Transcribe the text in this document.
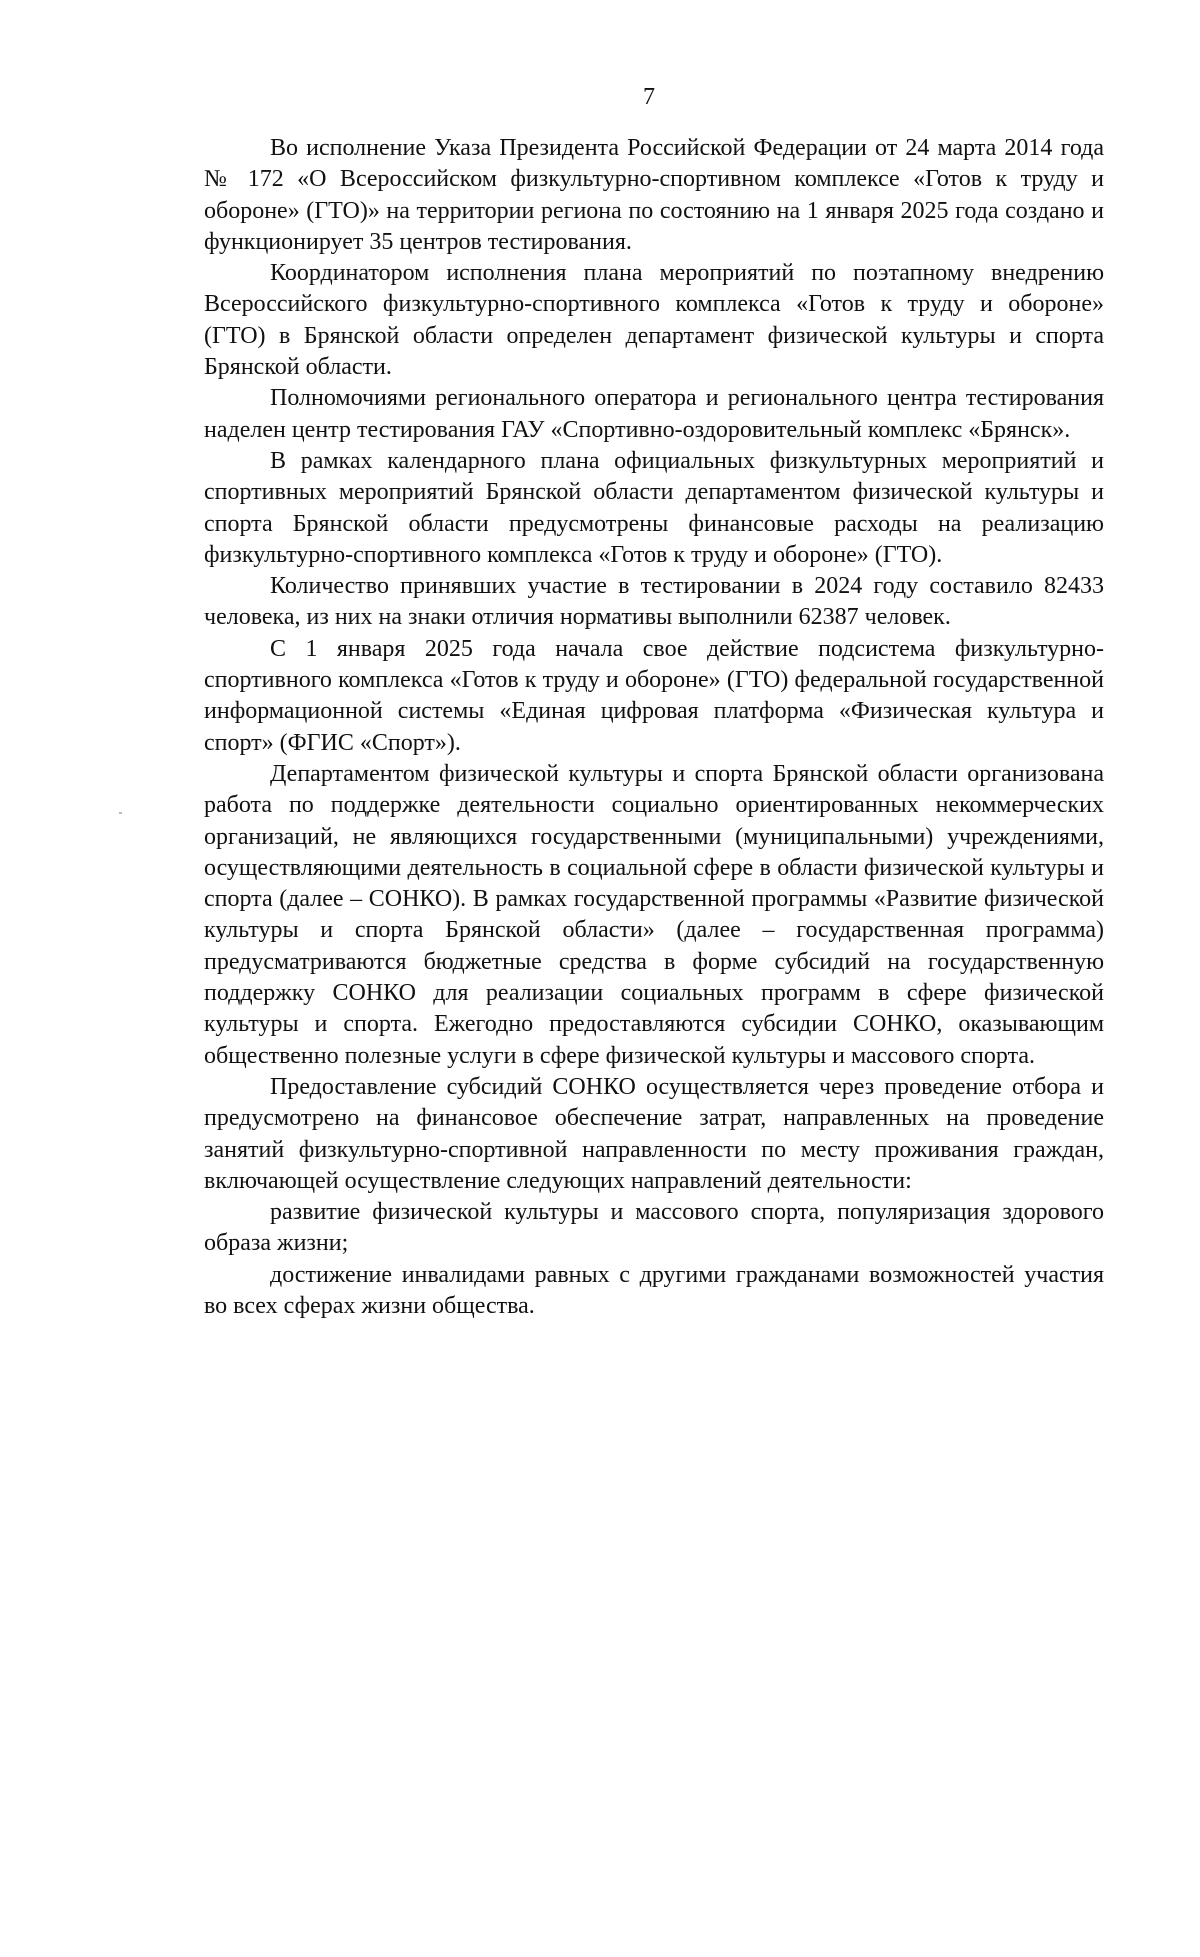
7

Во исполнение Указа Президента Российской Федерации от 24 марта 2014 года № 172 «О Всероссийском физкультурно-спортивном комплексе «Готов к труду и обороне» (ГТО)» на территории региона по состоянию на 1 января 2025 года создано и функционирует 35 центров тестирования.

Координатором исполнения плана мероприятий по поэтапному внедрению Всероссийского физкультурно-спортивного комплекса «Готов к труду и обороне» (ГТО) в Брянской области определен департамент физической культуры и спорта Брянской области.

Полномочиями регионального оператора и регионального центра тестирования наделен центр тестирования ГАУ «Спортивно-оздоровительный комплекс «Брянск».

В рамках календарного плана официальных физкультурных мероприятий и спортивных мероприятий Брянской области департаментом физической культуры и спорта Брянской области предусмотрены финансовые расходы на реализацию физкультурно-спортивного комплекса «Готов к труду и обороне» (ГТО).

Количество принявших участие в тестировании в 2024 году составило 82433 человека, из них на знаки отличия нормативы выполнили 62387 человек.

С 1 января 2025 года начала свое действие подсистема физкультурно-спортивного комплекса «Готов к труду и обороне» (ГТО) федеральной государственной информационной системы «Единая цифровая платформа «Физическая культура и спорт» (ФГИС «Спорт»).

Департаментом физической культуры и спорта Брянской области организована работа по поддержке деятельности социально ориентированных некоммерческих организаций, не являющихся государственными (муниципальными) учреждениями, осуществляющими деятельность в социальной сфере в области физической культуры и спорта (далее – СОНКО). В рамках государственной программы «Развитие физической культуры и спорта Брянской области» (далее – государственная программа) предусматриваются бюджетные средства в форме субсидий на государственную поддержку СОНКО для реализации социальных программ в сфере физической культуры и спорта. Ежегодно предоставляются субсидии СОНКО, оказывающим общественно полезные услуги в сфере физической культуры и массового спорта.

Предоставление субсидий СОНКО осуществляется через проведение отбора и предусмотрено на финансовое обеспечение затрат, направленных на проведение занятий физкультурно-спортивной направленности по месту проживания граждан, включающей осуществление следующих направлений деятельности:

развитие физической культуры и массового спорта, популяризация здорового образа жизни;

достижение инвалидами равных с другими гражданами возможностей участия во всех сферах жизни общества.
